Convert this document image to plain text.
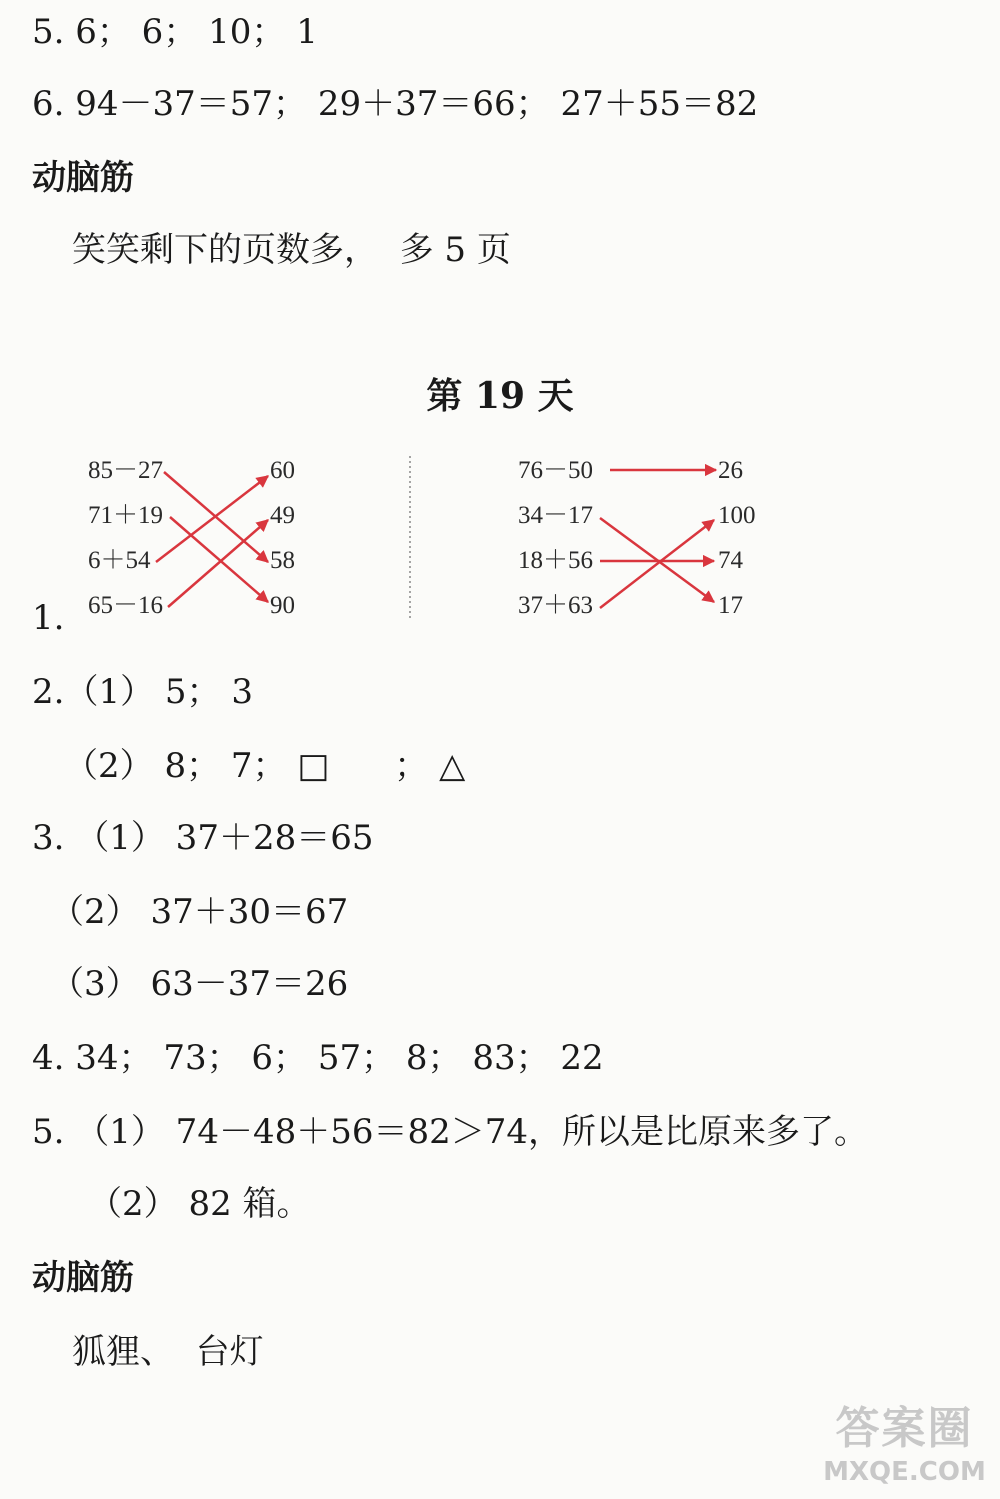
5. 6； 6； 10； 1
6. 94－37＝57； 29＋37＝66； 27＋55＝82
动脑筋
笑笑剩下的页数多，  多 5 页
第 19 天
1.
85－27
71＋19
6＋54
65－16
60
49
58
90
76－50
34－17
18＋56
37＋63
26
100
74
17
2.（1） 5； 3
（2） 8； 7； □      ； △
3. （1） 37＋28＝65
（2） 37＋30＝67
（3） 63－37＝26
4. 34； 73； 6； 57； 8； 83； 22
5. （1） 74－48＋56＝82＞74，所以是比原来多了。
（2） 82 箱。
动脑筋
狐狸、  台灯
答案圈
MXQE.COM
